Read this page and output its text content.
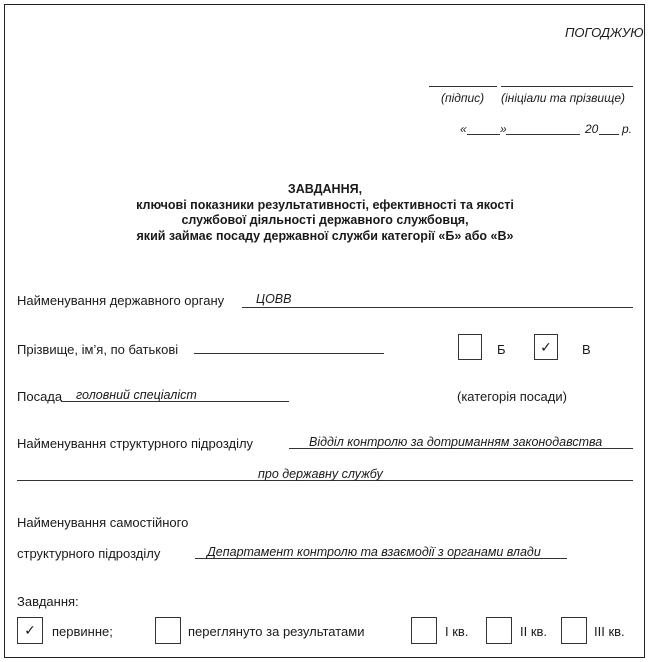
ПОГОДЖУЮ
(підпис) (ініціали та прізвище)
«	»	20 р.
ЗАВДАННЯ,
ключові показники результативності, ефективності та якості
службової діяльності державного службовця,
який займає посаду державної служби категорії «Б» або «В»
Найменування державного органу	ЦОВВ
Прізвище, ім’я, по батькові	Б	✓	В
Посада головний спеціаліст	(категорія посади)
Найменування структурного підрозділу	Відділ контролю за дотриманням законодавства
про державну службу
Найменування самостійного
структурного підрозділу	Департамент контролю та взаємодії з органами влади
Завдання:
✓	первинне;	переглянуто за результатами	I кв.	II кв.	III кв.
